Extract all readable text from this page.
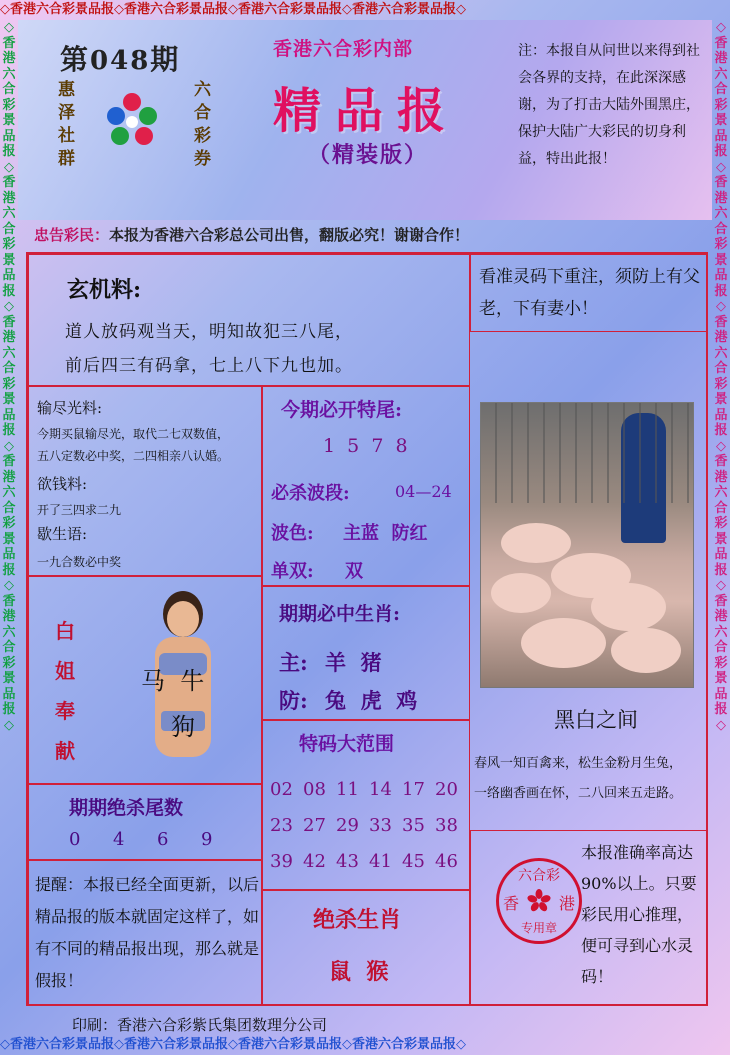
◇香港六合彩景品报◇香港六合彩景品报◇香港六合彩景品报◇香港六合彩景品报◇
◇香港六合彩景品报◇香港六合彩景品报◇香港六合彩景品报◇香港六合彩景品报◇
◇香港六合彩景品报◇香港六合彩景品报◇香港六合彩景品报◇香港六合彩景品报◇香港六合彩景品报◇
◇香港六合彩景品报◇香港六合彩景品报◇香港六合彩景品报◇香港六合彩景品报◇香港六合彩景品报◇
第048期
惠泽社群	六合彩券
香港六合彩内部
精品报
（精装版）
注：本报自从问世以来得到社会各界的支持，在此深深感谢，为了打击大陆外围黑庄，保护大陆广大彩民的切身利益，特出此报！
忠告彩民：本报为香港六合彩总公司出售，翻版必究！谢谢合作！
玄机料:
道人放码观当天，明知故犯三八尾，
前后四三有码拿，七上八下九也加。
看准灵码下重注，须防上有父老，下有妻小！
输尽光料:
今期买鼠输尽光，取代二七双数值，
五八定数必中奖，二四相亲八认婚。
欲钱料:
开了三四求二九
歇生语:
一九合数必中奖
今期必开特尾:
1  5  7  8
必杀波段:	04—24
波色: 主蓝  防红
单双: 双
白姐奉献
马  牛
狗
期期必中生肖:
主: 羊  猪
防: 兔  虎  鸡
特码大范围
02 08 11 14 17 20
23 27 29 33 35 38
39 42 43 41 45 46
期期绝杀尾数
0 4 6 9
提醒：本报已经全面更新，以后精品报的版本就固定这样了，如有不同的精品报出现，那么就是假报！
绝杀生肖
鼠  猴
黑白之间
春风一知百禽来，松生金粉月生兔，
一络幽香画在怀，二八回来五走路。
六合彩
香 港
专用章
本报准确率高达90%以上。只要彩民用心推理，便可寻到心水灵码！
印刷：香港六合彩紫氏集团数理分公司
